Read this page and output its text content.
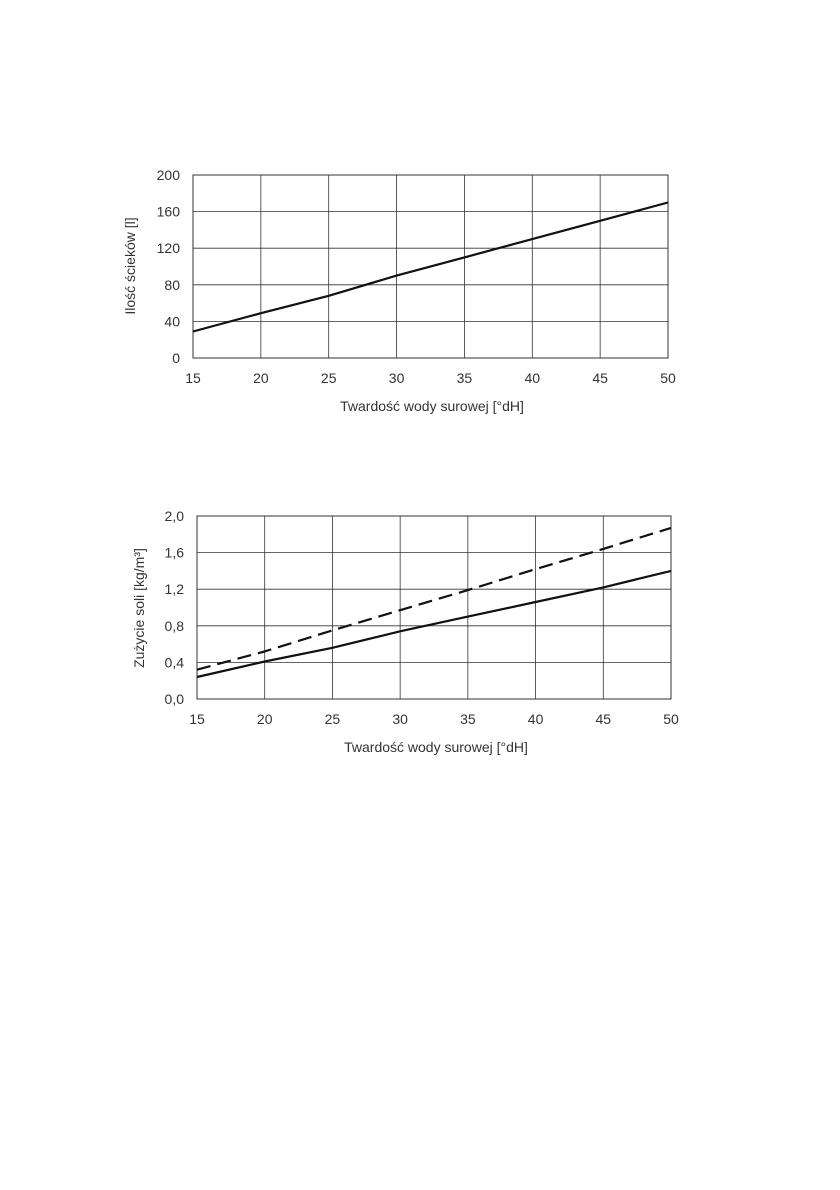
Twardość wody surowej [°dH]
Ilość ścieków [l]
0
40
80
120
160
200
15	20	25	30	35	40	45	50
Twardość wody surowej [°dH]
Zużycie soli [kg/m³]
0,0
0,4
0,8
1,2
1,6
2,0
15	20	25	30	35	40	45	50
